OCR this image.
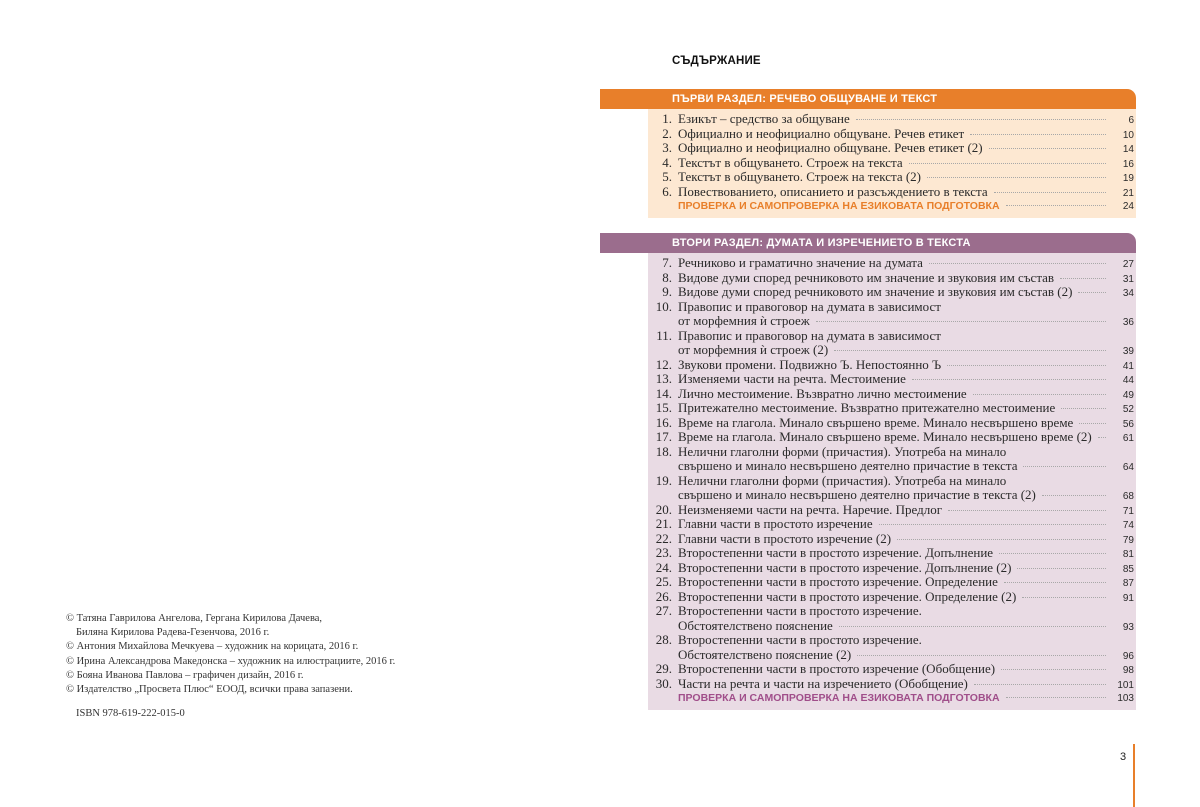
© Татяна Гаврилова Ангелова, Гергана Кирилова Дачева,
Биляна Кирилова Радева-Гезенчова, 2016 г.
© Антония Михайлова Мечкуева – художник на корицата, 2016 г.
© Ирина Александрова Македонска – художник на илюстрациите, 2016 г.
© Бояна Иванова Павлова – графичен дизайн, 2016 г.
© Издателство „Просвета Плюс“ ЕООД, всички права запазени.
ISBN 978-619-222-015-0
СЪДЪРЖАНИЕ
ПЪРВИ РАЗДЕЛ: РЕЧЕВО ОБЩУВАНЕ И ТЕКСТ
1. Езикът – средство за общуване	6
2. Официално и неофициално общуване. Речев етикет	10
3. Официално и неофициално общуване. Речев етикет (2)	14
4. Текстът в общуването. Строеж на текста	16
5. Текстът в общуването. Строеж на текста (2)	19
6. Повествованието, описанието и разсъждението в текста	21
ПРОВЕРКА И САМОПРОВЕРКА НА ЕЗИКОВАТА ПОДГОТОВКА	24
ВТОРИ РАЗДЕЛ: ДУМАТА И ИЗРЕЧЕНИЕТО В ТЕКСТА
7. Речниково и граматично значение на думата	27
8. Видове думи според речниковото им значение и звуковия им състав	31
9. Видове думи според речниковото им значение и звуковия им състав (2)	34
10. Правопис и правоговор на думата в зависимост
от морфемния ѝ строеж	36
11. Правопис и правоговор на думата в зависимост
от морфемния ѝ строеж (2)	39
12. Звукови промени. Подвижно Ъ. Непостоянно Ъ	41
13. Изменяеми части на речта. Местоимение	44
14. Лично местоимение. Възвратно лично местоимение	49
15. Притежателно местоимение. Възвратно притежателно местоимение	52
16. Време на глагола. Минало свършено време. Минало несвършено време	56
17. Време на глагола. Минало свършено време. Минало несвършено време (2)	61
18. Нелични глаголни форми (причастия). Употреба на минало
свършено и минало несвършено деятелно причастие в текста	64
19. Нелични глаголни форми (причастия). Употреба на минало
свършено и минало несвършено деятелно причастие в текста (2)	68
20. Неизменяеми части на речта. Наречие. Предлог	71
21. Главни части в простото изречение	74
22. Главни части в простото изречение (2)	79
23. Второстепенни части в простото изречение. Допълнение	81
24. Второстепенни части в простото изречение. Допълнение (2)	85
25. Второстепенни части в простото изречение. Определение	87
26. Второстепенни части в простото изречение. Определение (2)	91
27. Второстепенни части в простото изречение.
Обстоятелствено пояснение	93
28. Второстепенни части в простото изречение.
Обстоятелствено пояснение (2)	96
29. Второстепенни части в простото изречение (Обобщение)	98
30. Части на речта и части на изречението (Обобщение)	101
ПРОВЕРКА И САМОПРОВЕРКА НА ЕЗИКОВАТА ПОДГОТОВКА	103
3
